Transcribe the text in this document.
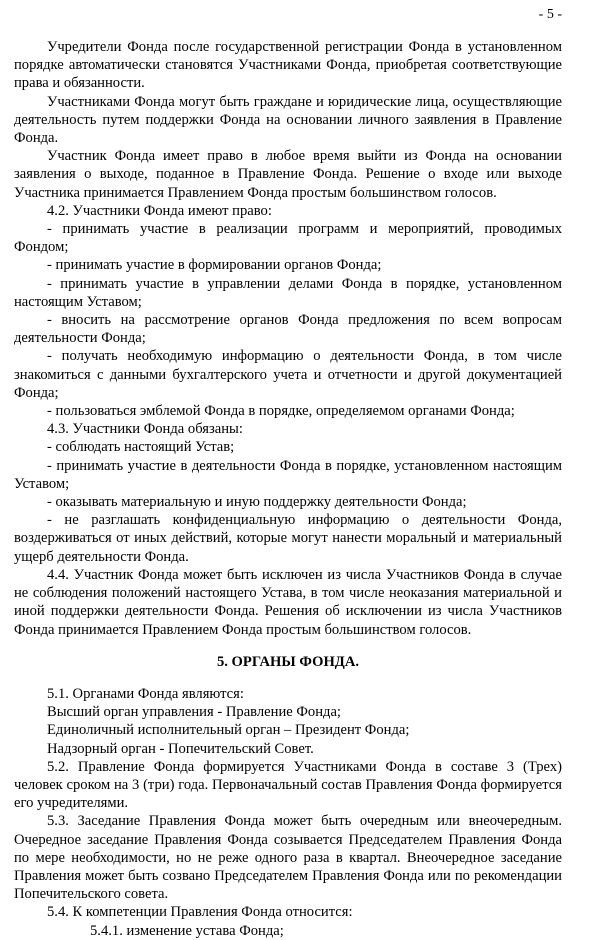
- 5 -

Учредители Фонда после государственной регистрации Фонда в установленном порядке автоматически становятся Участниками Фонда, приобретая соответствующие права и обязанности.

Участниками Фонда могут быть граждане и юридические лица, осуществляющие деятельность путем поддержки Фонда на основании личного заявления в Правление Фонда.

Участник Фонда имеет право в любое время выйти из Фонда на основании заявления о выходе, поданное в Правление Фонда. Решение о входе или выходе Участника принимается Правлением Фонда простым большинством голосов.

4.2. Участники Фонда имеют право:

- принимать участие в реализации программ и мероприятий, проводимых Фондом;

- принимать участие в формировании органов Фонда;

- принимать участие в управлении делами Фонда в порядке, установленном настоящим Уставом;

- вносить на рассмотрение органов Фонда предложения по всем вопросам деятельности Фонда;

- получать необходимую информацию о деятельности Фонда, в том числе знакомиться с данными бухгалтерского учета и отчетности и другой документацией Фонда;

- пользоваться эмблемой Фонда в порядке, определяемом органами Фонда;

4.3. Участники Фонда обязаны:

- соблюдать настоящий Устав;

- принимать участие в деятельности Фонда в порядке, установленном настоящим Уставом;

- оказывать материальную и иную поддержку деятельности Фонда;

- не разглашать конфиденциальную информацию о деятельности Фонда, воздерживаться от иных действий, которые могут нанести моральный и материальный ущерб деятельности Фонда.

4.4. Участник Фонда может быть исключен из числа Участников Фонда в случае не соблюдения положений настоящего Устава, в том числе неоказания материальной и иной поддержки деятельности Фонда. Решения об исключении из числа Участников Фонда принимается Правлением Фонда простым большинством голосов.

5. ОРГАНЫ ФОНДА.

5.1. Органами Фонда являются:

Высший орган управления - Правление Фонда;

Единоличный исполнительный орган – Президент Фонда;

Надзорный орган - Попечительский Совет.

5.2. Правление Фонда формируется Участниками Фонда в составе 3 (Трех) человек сроком на 3 (три) года. Первоначальный состав Правления Фонда формируется его учредителями.

5.3. Заседание Правления Фонда может быть очередным или внеочередным. Очередное заседание Правления Фонда созывается Председателем Правления Фонда по мере необходимости, но не реже одного раза в квартал. Внеочередное заседание Правления может быть созвано Председателем Правления Фонда или по рекомендации Попечительского совета.

5.4. К компетенции Правления Фонда относится:

5.4.1. изменение устава Фонда;
